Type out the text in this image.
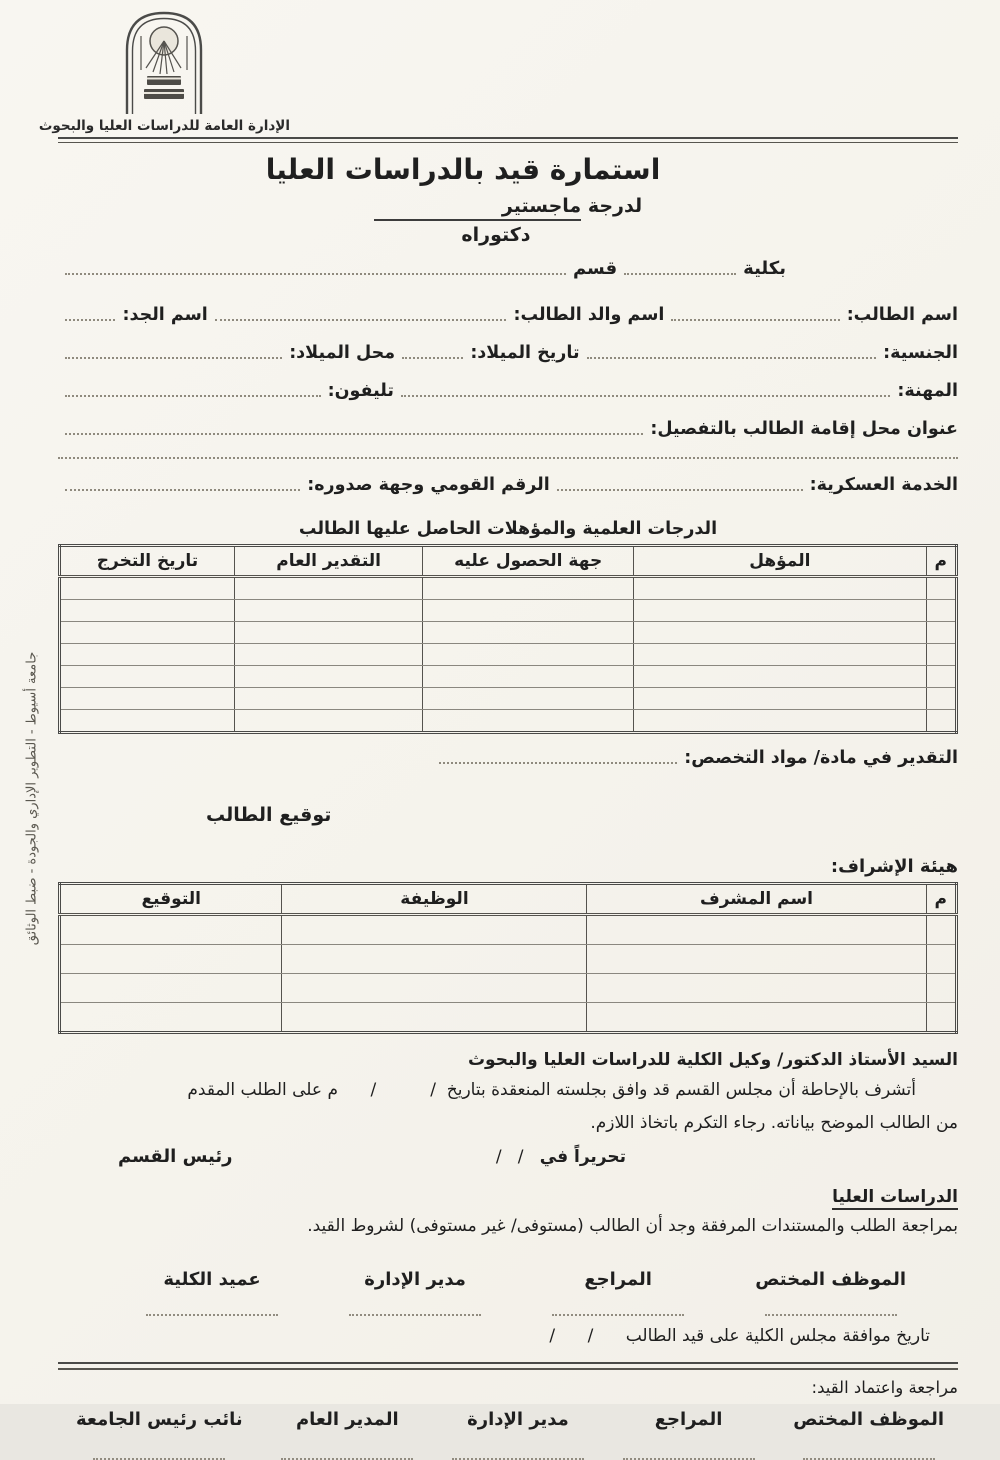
الإدارة العامة للدراسات العليا والبحوث
استمارة قيد بالدراسات العليا
لدرجة ماجستير
دكتوراه
بكلية
قسم
اسم الطالب:
اسم والد الطالب:
اسم الجد:
الجنسية:
تاريخ الميلاد:
محل الميلاد:
المهنة:
تليفون:
عنوان محل إقامة الطالب بالتفصيل:
الخدمة العسكرية:
الرقم القومي وجهة صدوره:
الدرجات العلمية والمؤهلات الحاصل عليها الطالب
م	المؤهل	جهة الحصول عليه	التقدير العام	تاريخ التخرج

التقدير في مادة/ مواد التخصص:
توقيع الطالب
هيئة الإشراف:
م	اسم المشرف	الوظيفة	التوقيع

السيد الأستاذ الدكتور/ وكيل الكلية للدراسات العليا والبحوث
أتشرف بالإحاطة أن مجلس القسم قد وافق بجلسته المنعقدة بتاريخ  /          /      م على الطلب المقدم
من الطالب الموضح بياناته. رجاء التكرم باتخاذ اللازم.
تحريراً في   /   /
رئيس القسم
الدراسات العليا
بمراجعة الطلب والمستندات المرفقة وجد أن الطالب (مستوفى/ غير مستوفى) لشروط القيد.
الموظف المختص
المراجع
مدير الإدارة
عميد الكلية
تاريخ موافقة مجلس الكلية على قيد الطالب
/      /
مراجعة واعتماد القيد:
الموظف المختص
المراجع
مدير الإدارة
المدير العام
نائب رئيس الجامعة
جامعة أسيوط - التطوير الإداري والجودة - ضبط الوثائق
